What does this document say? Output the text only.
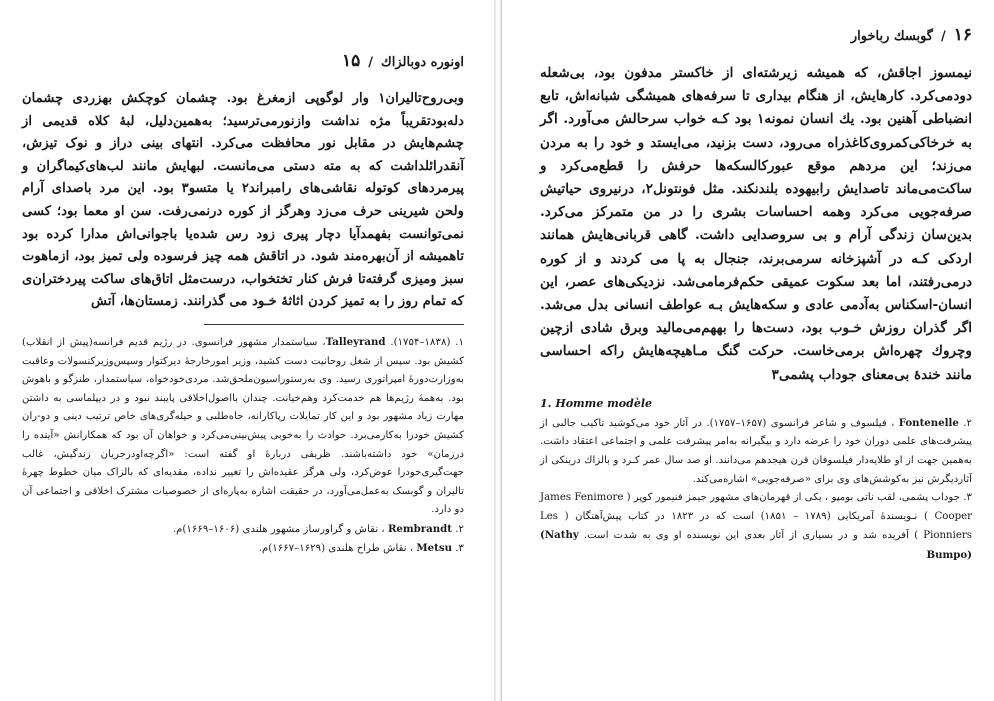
اونوره دوبالزاك
/
۱۵

وبی‌روح‌تالیران۱ وار لوگوپی ازمغرغ بود. چشمان کوچکش بهزردی چشمان دله‌بودتقریباً مژه نداشت وازنورمی‌ترسید؛ به‌همین‌دلیل، لبهٔ کلاه قدیمی از چشم‌هایش در مقابل نور محافظت می‌کرد. انتهای بینی دراز و نوک تیزش، آنقدر‌ائلداشت که به مته دستی می‌مانست. لبهایش مانند لب‌های‌کیماگران و پیرمردهای کوتوله نقاشی‌های رامبراند۲ یا متسو۳ بود. این مرد باصدای آرام ولحن شیرینی حرف می‌زد وهرگز از کوره درنمی‌رفت. سن او معما بود؛ کسی نمی‌توانست بفهمدآیا دچار پیری زود رس شده‌یا باجوانی‌اش مدارا کرده بود تاهمیشه از آن‌بهره‌مند شود. در اتاقش همه چیز فرسوده ولی تمیز بود، ازماهوت سبز ومیزی گرفته‌تا فرش کنار تختخواب، درست‌مثل اتاق‌های ساکت پیردختران‌ی که تمام روز را به تمیز کردن اثاثهٔ خـود می گذرانند. زمستان‌ها، آتش

۱. Talleyrand .(۱۷۵۴–۱۸۳۸)، سیاستمدار مشهور فرانسوی. در رژیم قدیم فرانسه‌(پیش از انقلاب) کشیش بود. سپس از شغل روحانیت دست کشید، وزیر امورخارجهٔ دیرکتوار وسپس‌وزیرکنسولات وعاقبت به‌وزارت‌دورهٔ امپراتوری رسید. وی به‌رستوراسیون‌ملحق‌شد. مردی‌خودخواه، سیاستمدار، طنزگو و باهوش بود. به‌همهٔ رژیم‌ها هم خدمت‌کرد وهم‌خیانت. چندان با‌اصول‌اخلاقی پایبند نبود و در دیپلماسی به داشتن مهارت زیاد مشهور بود و این کار تمایلات رپاکارانه، جاه‌طلبی و حیله‌گری‌های خاص ترتیب دینی و دو-ران کشیش خودرا به‌کارمی‌برد. حوادث را به‌خوبی پیش‌بینی‌می‌کرد و خواهان آن بود که همکارانش «آینده را درزمان» خود داشته‌باشند. ظریفی دربارهٔ او گفته است: «اگرچه‌او‌درجریان زندگیش، غالب جهت‌گیری‌خودرا عوض‌کرد، ولی هرگز عقیده‌اش را تغییر نداده، مقدیه‌ای که بالزاک میان خطوط چهرهٔ تالیران و گوبسک به‌عمل‌می‌آورد، در حقیقت اشاره به‌پاره‌ای از خصوصیات مشترک اخلاقی و اجتماعی آن دو دارد.

۲. Rembrandt ، نقاش و گراورساز مشهور هلندی (۱۶۰۶–۱۶۶۹)م.

۳. Metsu ، نقاش طراح هلندی (۱۶۲۹–۱۶۶۷)م.

۱۶
/
گوبسك رباخوار

نیمسوز اجاقش، که همیشه زیرشته‌ای از خاکستر مدفون بود، بی‌شعله دودمی‌کرد. کارهایش، از هنگام بیداری تا سرفه‌های همیشگی شبانه‌اش، تابع انضباطی آهنین بود. یك انسان نمونه۱ بود کـه خواب سرحالش می‌آورد. اگر به خرخاکی‌کمروی‌کاغذراه می‌رود، دست بزنید، می‌ایستد و خود را به مردن می‌زند؛ این مردهم موقع عبورکالسکه‌ها حرفش را قطع‌می‌کرد و ساکت‌می‌ماند تاصدایش رابیهوده بلندنکند. مثل فونتونل۲، درنیروی حیاتیش صرفه‌جویی می‌کرد وهمه احساسات بشری را در من متمرکز می‌کرد. بدین‌سان زندگی آرام و بی سروصدایی داشت. گاهی قربانی‌هایش همانند اردکی کـه در آشپزخانه سرمی‌برند، جنجال به پا می کردند و از کوره درمی‌رفتند، اما بعد سکوت عمیقی حکم‌فرمامی‌شد. نزدیکی‌های عصر، این انسان-اسکناس به‌آدمی عادی و سکه‌هایش بـه عواطف انسانی بدل می‌شد. اگر گذران روزش خـوب بود، دست‌ها را بههم‌می‌مالید وبرق شادی ازچین وچروك چهره‌اش برمی‌خاست. حرکت گنگ مـاهیچه‌هایش راکه احساسی مانند خندهٔ بی‌معنای جوداب پشمی۳

1. Homme modèle

۲. Fontenelle ، فیلسوف و شاعر فرانسوی (۱۶۵۷–۱۷۵۷). در آثار خود می‌کوشید تاکیب جالبی از پیشرفت‌های علمی دوران خود را عرضه دارد و بیگیرانه به‌امر پیشرفت علمی و اجتماعی اعتقاد داشت. به‌همین جهت از او طلایه‌دار فیلسوفان قرن هیجدهم می‌دانند. او صد سال عمر کـرد و بالزاك درینکی از آثاردیگرش نیز به‌کوشش‌های وی برای «صرفه‌جویی» اشاره‌می‌کند.

۳. جوداب پشمی، لقب ناتی بومپو ، یکی از قهرمان‌های مشهور جیمز فنیمور کوپر ( James Fenimore Cooper ) نـویسندهٔ آمریکایی (۱۷۸۹ – ۱۸۵۱) است که در ۱۸۲۳ در کتاب پیش‌آهنگان ( Les Pionniers ) آفریده شد و در بسیاری از آثار بعدی این نویسنده او وی به شدت است. (Nathy Bumpo)
